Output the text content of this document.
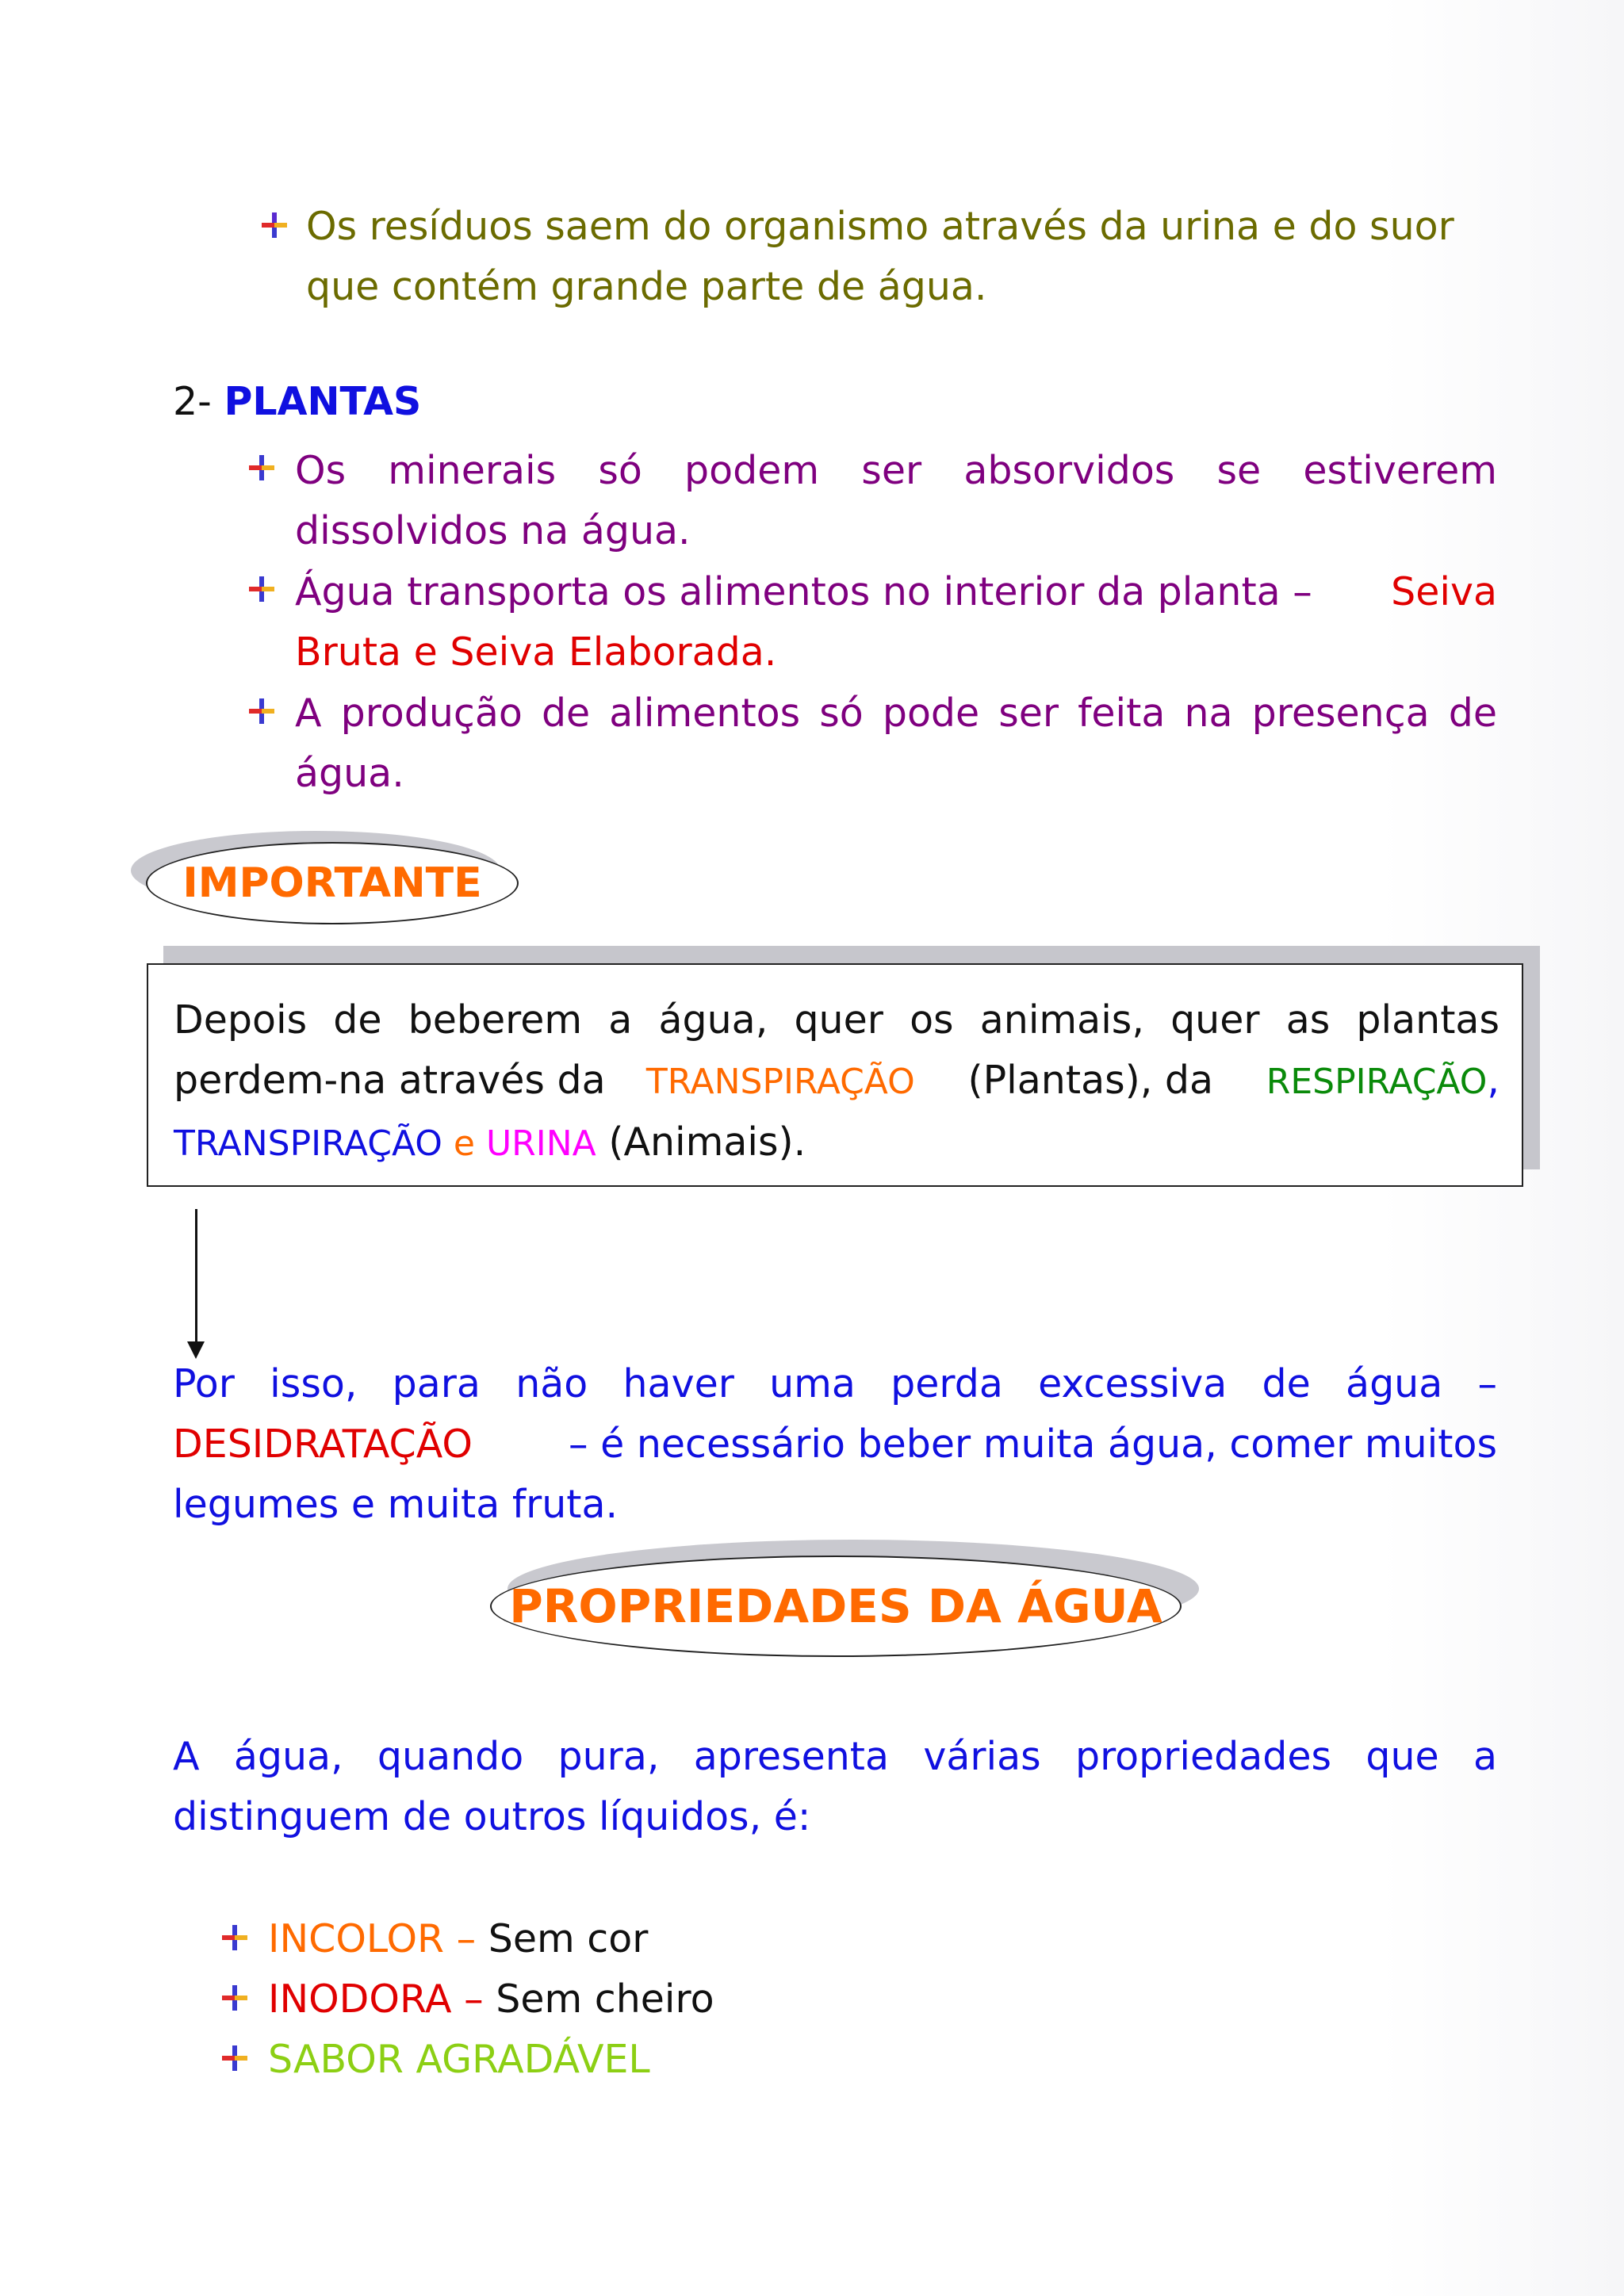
Os resíduos saem do organismo através da urina e do suor
que contém grande parte de água.
2- PLANTAS
Os minerais só podem ser absorvidos se estiverem
dissolvidos na água.
Água transporta os alimentos no interior da planta – Seiva
Bruta e Seiva Elaborada.
A produção de alimentos só pode ser feita na presença de
água.
IMPORTANTE
Depois de beberem a água, quer os animais, quer as plantas
perdem-na através da TRANSPIRAÇÃO (Plantas), da RESPIRAÇÃO,
TRANSPIRAÇÃO e URINA (Animais).
Por isso, para não haver uma perda excessiva de água –
DESIDRATAÇÃO – é necessário beber muita água, comer muitos
legumes e muita fruta.
PROPRIEDADES DA ÁGUA
A água, quando pura, apresenta várias propriedades que a
distinguem de outros líquidos, é:
INCOLOR – Sem cor
INODORA – Sem cheiro
SABOR AGRADÁVEL
